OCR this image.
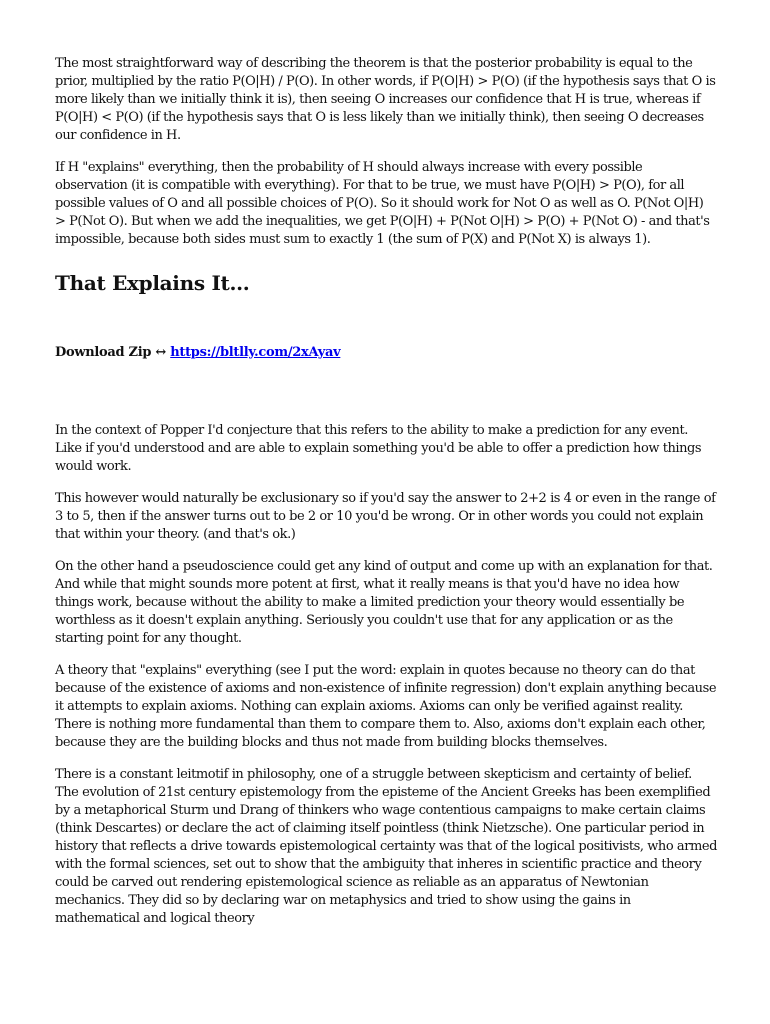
The most straightforward way of describing the theorem is that the posterior probability is equal to the prior, multiplied by the ratio P(O|H) / P(O). In other words, if P(O|H) > P(O) (if the hypothesis says that O is more likely than we initially think it is), then seeing O increases our confidence that H is true, whereas if P(O|H) < P(O) (if the hypothesis says that O is less likely than we initially think), then seeing O decreases our confidence in H.

If H "explains" everything, then the probability of H should always increase with every possible observation (it is compatible with everything). For that to be true, we must have P(O|H) > P(O), for all possible values of O and all possible choices of P(O). So it should work for Not O as well as O. P(Not O|H) > P(Not O). But when we add the inequalities, we get P(O|H) + P(Not O|H) > P(O) + P(Not O) - and that's impossible, because both sides must sum to exactly 1 (the sum of P(X) and P(Not X) is always 1).

That Explains It...
Download Zip ↔ https://bltlly.com/2xAyav

In the context of Popper I'd conjecture that this refers to the ability to make a prediction for any event. Like if you'd understood and are able to explain something you'd be able to offer a prediction how things would work.

This however would naturally be exclusionary so if you'd say the answer to 2+2 is 4 or even in the range of 3 to 5, then if the answer turns out to be 2 or 10 you'd be wrong. Or in other words you could not explain that within your theory. (and that's ok.)

On the other hand a pseudoscience could get any kind of output and come up with an explanation for that. And while that might sounds more potent at first, what it really means is that you'd have no idea how things work, because without the ability to make a limited prediction your theory would essentially be worthless as it doesn't explain anything. Seriously you couldn't use that for any application or as the starting point for any thought.

A theory that "explains" everything (see I put the word: explain in quotes because no theory can do that because of the existence of axioms and non-existence of infinite regression) don't explain anything because it attempts to explain axioms. Nothing can explain axioms. Axioms can only be verified against reality. There is nothing more fundamental than them to compare them to. Also, axioms don't explain each other, because they are the building blocks and thus not made from building blocks themselves.

There is a constant leitmotif in philosophy, one of a struggle between skepticism and certainty of belief. The evolution of 21st century epistemology from the episteme of the Ancient Greeks has been exemplified by a metaphorical Sturm und Drang of thinkers who wage contentious campaigns to make certain claims (think Descartes) or declare the act of claiming itself pointless (think Nietzsche). One particular period in history that reflects a drive towards epistemological certainty was that of the logical positivists, who armed with the formal sciences, set out to show that the ambiguity that inheres in scientific practice and theory could be carved out rendering epistemological science as reliable as an apparatus of Newtonian mechanics. They did so by declaring war on metaphysics and tried to show using the gains in mathematical and logical theory
